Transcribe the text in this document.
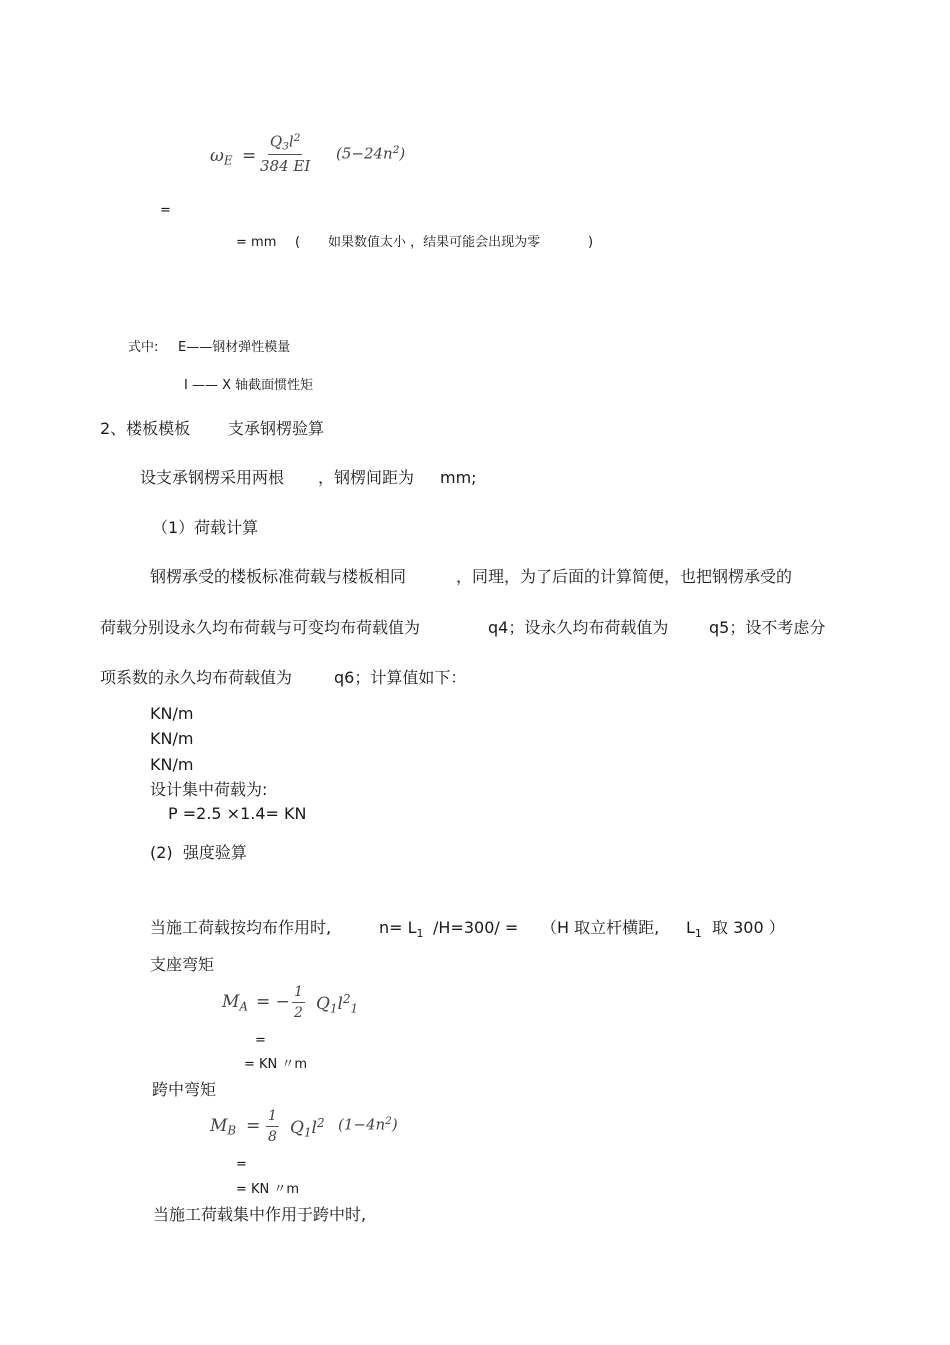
$\omega_E = \frac{Q_3l^2}{384 EI} (5-24n^2)$
=
= mm ( 如果数值太小 ，结果可能会出现为零	)
式中: E——钢材弹性模量
I —— X 轴截面惯性矩
2、楼板模板 支承钢楞验算
设支承钢楞采用两根 ，钢楞间距为 mm;
（1）荷载计算
钢楞承受的楼板标准荷载与楼板相同	，同理，为了后面的计算简便，也把钢楞承受的
荷载分别设永久均布荷载与可变均布荷载值为	q4；设永久均布荷载值为	q5；设不考虑分
项系数的永久均布荷载值为	q6；计算值如下：
KN/m
KN/m
KN/m
设计集中荷载为:
P =2.5 ×1.4= KN
(2)  强度验算
当施工荷载按均布作用时,	$n= L_1$ /H=300/ = （H 取立杆横距, $L_1$ 取 300 ）
支座弯矩
$M_A$ = − $\frac{1}{2} Q_1l^2_1$
=
= KN 〃m
跨中弯矩
$M_B = \frac{1}{8} Q_1l^2$ $(1-4n^2)$
=
= KN 〃m
当施工荷载集中作用于跨中时,
